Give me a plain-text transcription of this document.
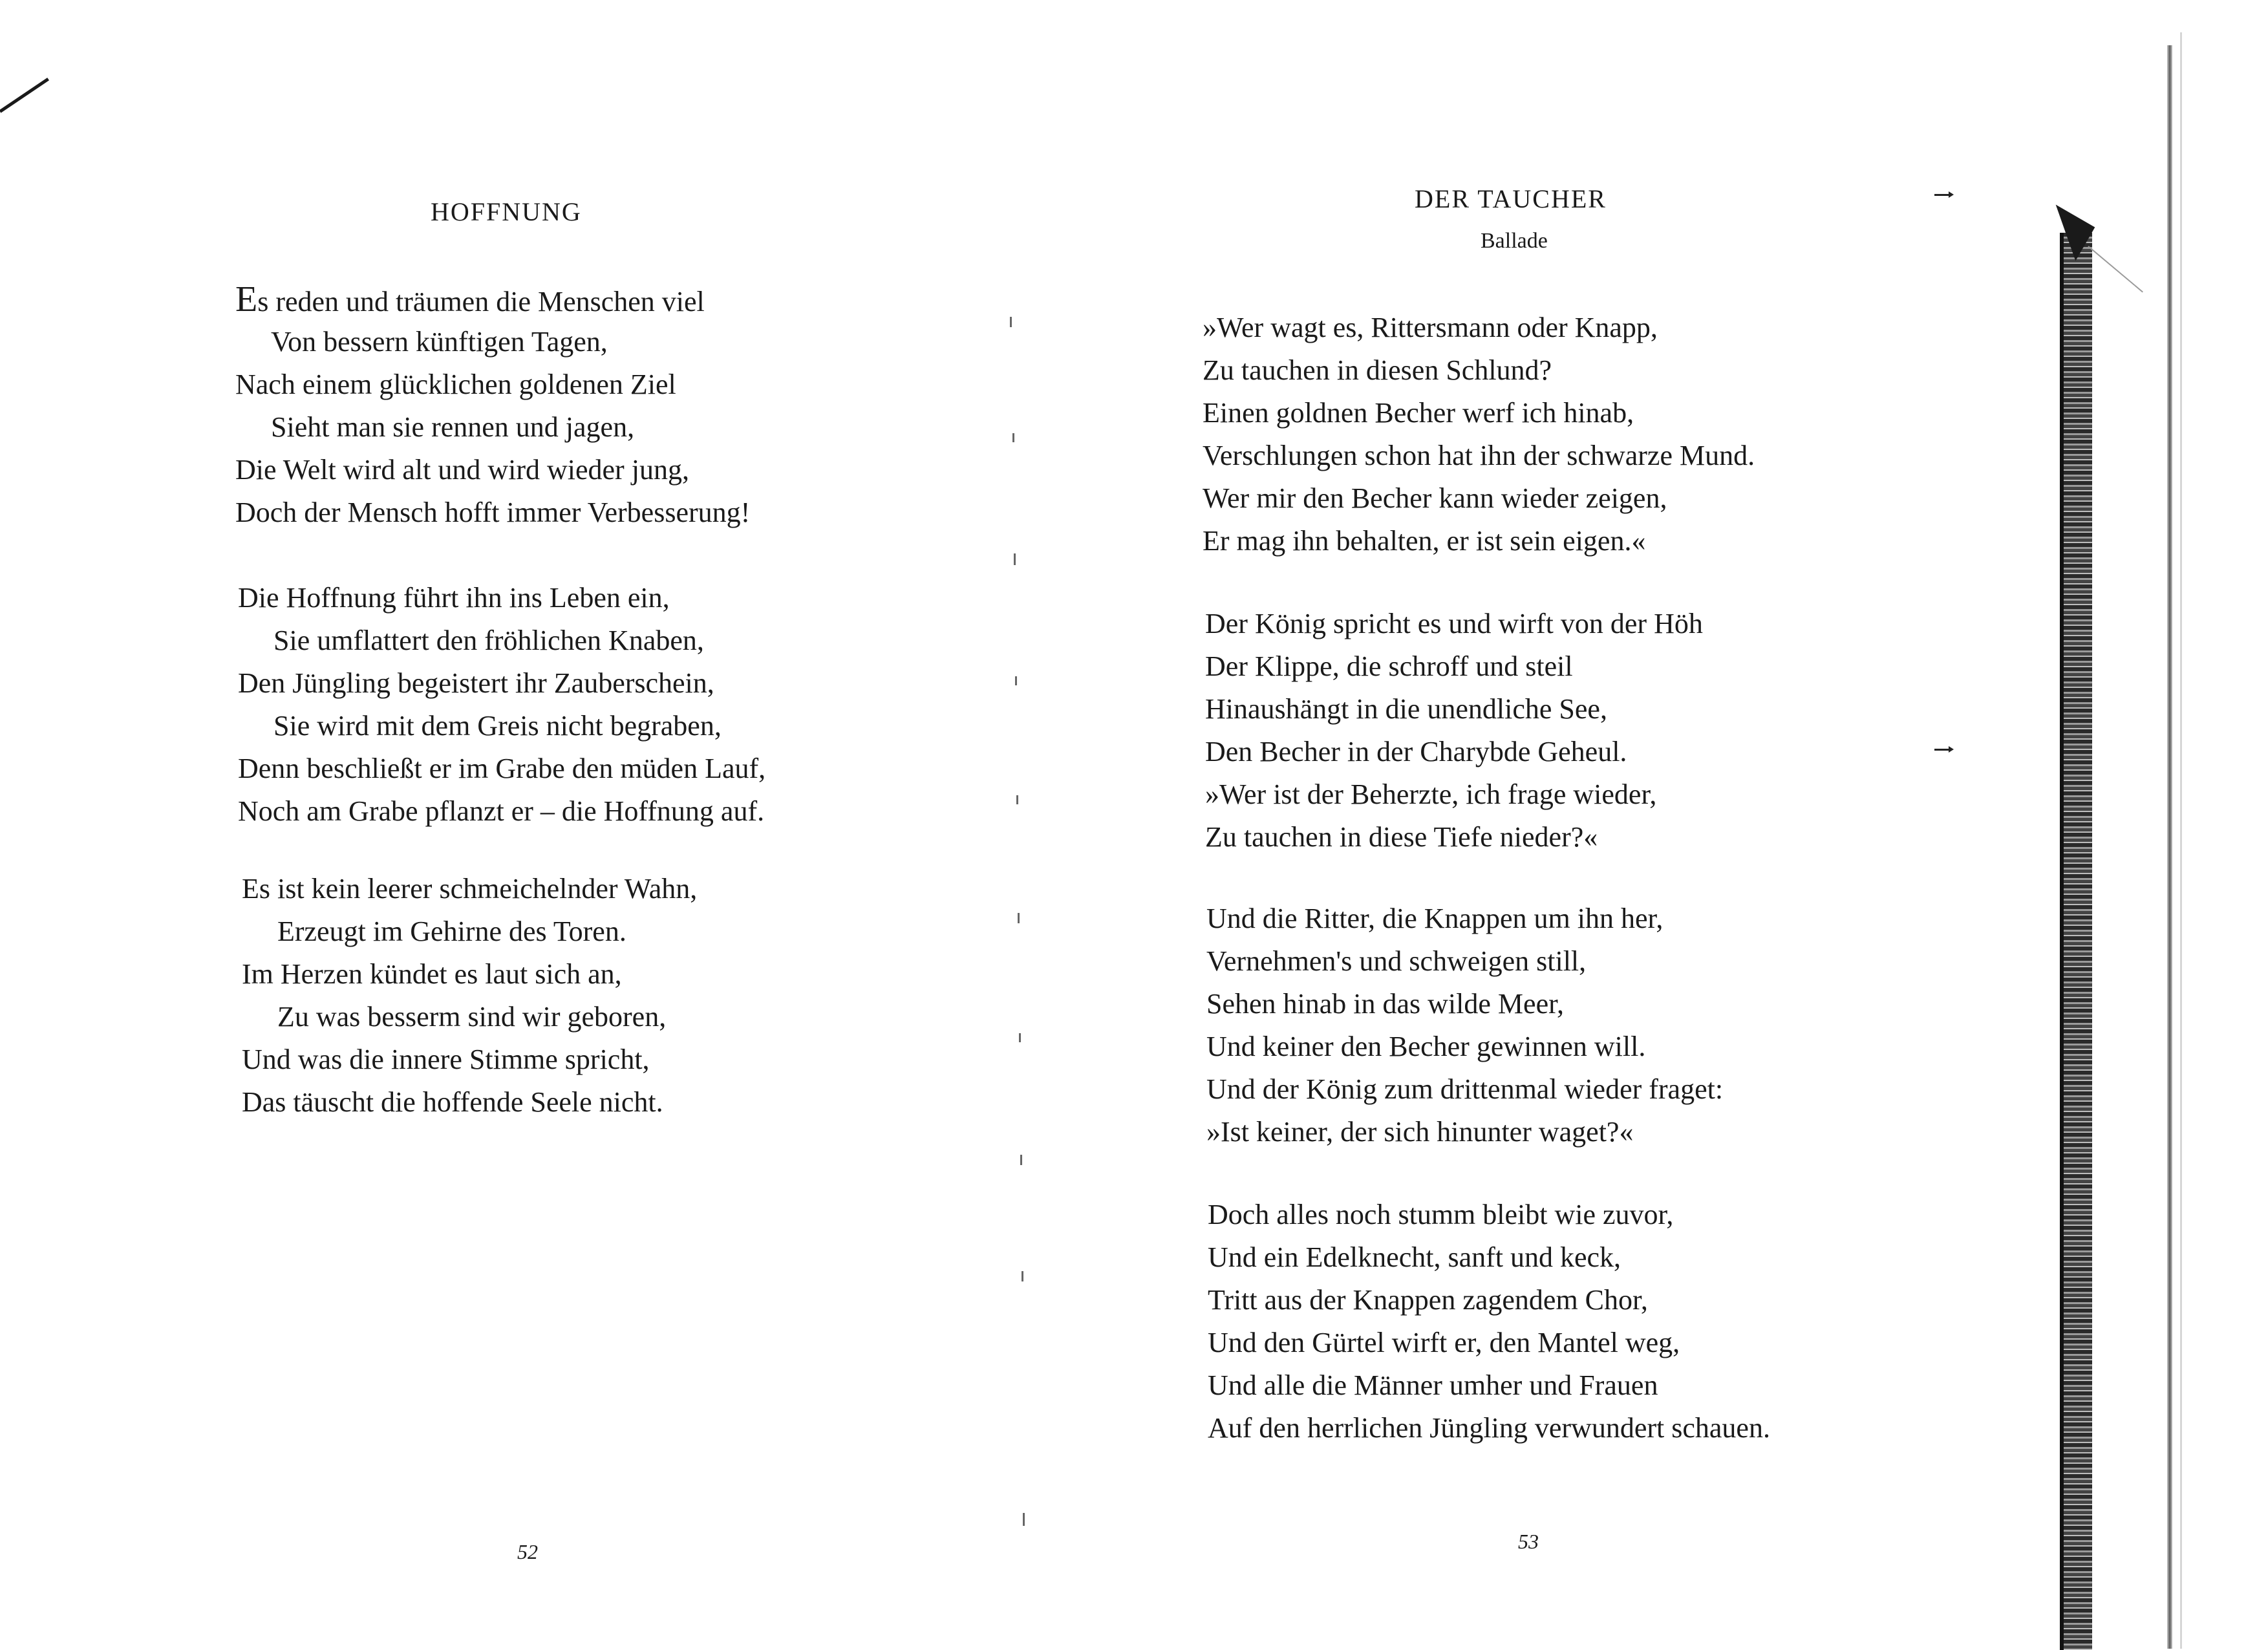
HOFFNUNG
Es reden und träumen die Menschen viel
Von bessern künftigen Tagen,
Nach einem glücklichen goldenen Ziel
Sieht man sie rennen und jagen,
Die Welt wird alt und wird wieder jung,
Doch der Mensch hofft immer Verbesserung!
Die Hoffnung führt ihn ins Leben ein,
Sie umflattert den fröhlichen Knaben,
Den Jüngling begeistert ihr Zauberschein,
Sie wird mit dem Greis nicht begraben,
Denn beschließt er im Grabe den müden Lauf,
Noch am Grabe pflanzt er – die Hoffnung auf.
Es ist kein leerer schmeichelnder Wahn,
Erzeugt im Gehirne des Toren.
Im Herzen kündet es laut sich an,
Zu was besserm sind wir geboren,
Und was die innere Stimme spricht,
Das täuscht die hoffende Seele nicht.
52
DER TAUCHER
Ballade
»Wer wagt es, Rittersmann oder Knapp,
Zu tauchen in diesen Schlund?
Einen goldnen Becher werf ich hinab,
Verschlungen schon hat ihn der schwarze Mund.
Wer mir den Becher kann wieder zeigen,
Er mag ihn behalten, er ist sein eigen.«
Der König spricht es und wirft von der Höh
Der Klippe, die schroff und steil
Hinaushängt in die unendliche See,
Den Becher in der Charybde Geheul.
»Wer ist der Beherzte, ich frage wieder,
Zu tauchen in diese Tiefe nieder?«
Und die Ritter, die Knappen um ihn her,
Vernehmen's und schweigen still,
Sehen hinab in das wilde Meer,
Und keiner den Becher gewinnen will.
Und der König zum drittenmal wieder fraget:
»Ist keiner, der sich hinunter waget?«
Doch alles noch stumm bleibt wie zuvor,
Und ein Edelknecht, sanft und keck,
Tritt aus der Knappen zagendem Chor,
Und den Gürtel wirft er, den Mantel weg,
Und alle die Männer umher und Frauen
Auf den herrlichen Jüngling verwundert schauen.
53
